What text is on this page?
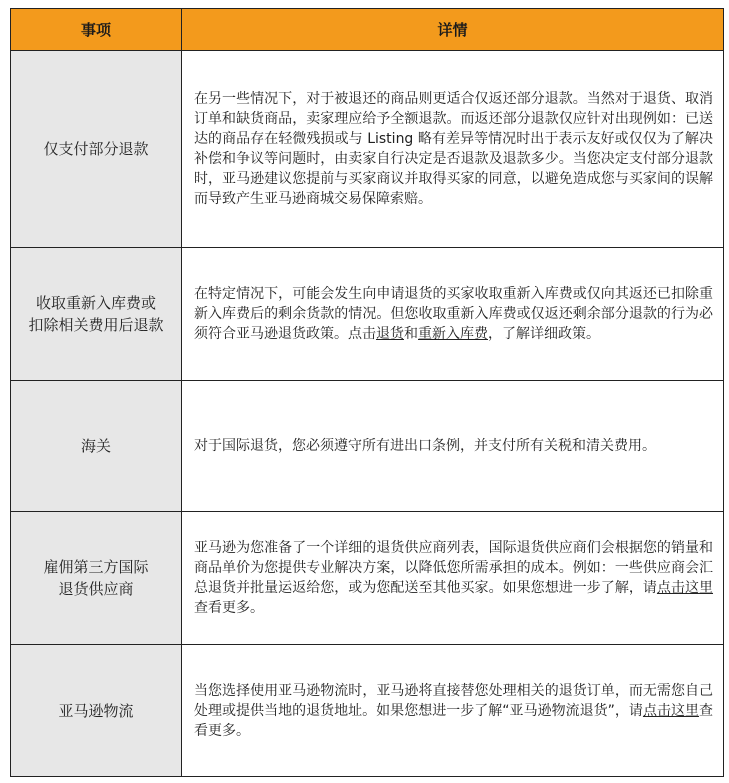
事项	详情
仅支付部分退款	在另一些情况下，对于被退还的商品则更适合仅返还部分退款。当然对于退货、取消订单和缺货商品，卖家理应给予全额退款。而返还部分退款仅应针对出现例如：已送达的商品存在轻微残损或与 Listing 略有差异等情况时出于表示友好或仅仅为了解决补偿和争议等问题时，由卖家自行决定是否退款及退款多少。当您决定支付部分退款时，亚马逊建议您提前与买家商议并取得买家的同意，以避免造成您与买家间的误解而导致产生亚马逊商城交易保障索赔。

收取重新入库费或
扣除相关费用后退款	在特定情况下，可能会发生向申请退货的买家收取重新入库费或仅向其返还已扣除重新入库费后的剩余货款的情况。但您收取重新入库费或仅返还剩余部分退款的行为必须符合亚马逊退货政策。点击退货和重新入库费，了解详细政策。
海关	对于国际退货，您必须遵守所有进出口条例，并支付所有关税和清关费用。

雇佣第三方国际
退货供应商	亚马逊为您准备了一个详细的退货供应商列表，国际退货供应商们会根据您的销量和商品单价为您提供专业解决方案，以降低您所需承担的成本。例如：一些供应商会汇总退货并批量运返给您，或为您配送至其他买家。如果您想进一步了解，请点击这里查看更多。
亚马逊物流	当您选择使用亚马逊物流时，亚马逊将直接替您处理相关的退货订单，而无需您自己处理或提供当地的退货地址。如果您想进一步了解“亚马逊物流退货”，请点击这里查看更多。
